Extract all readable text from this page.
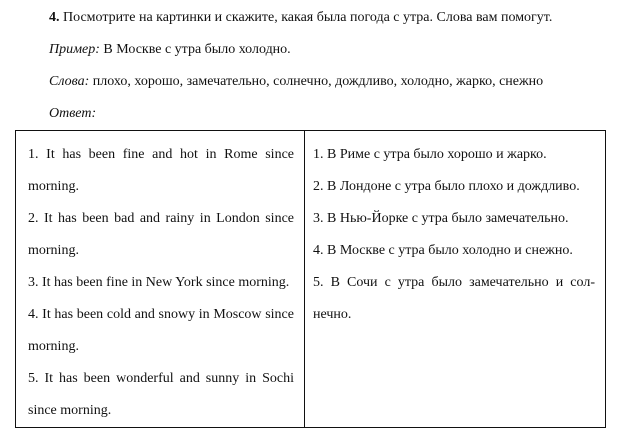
4. Посмотрите на картинки и скажите, какая была погода с утра. Слова вам помогут.
Пример: В Москве с утра было холодно.
Слова: плохо, хорошо, замечательно, солнечно, дождливо, холодно, жарко, снежно
Ответ:
1. It has been fine and hot in Rome since morning.
2. It has been bad and rainy in London since morning.
3. It has been fine in New York since morning.
4. It has been cold and snowy in Moscow since morning.
5. It has been wonderful and sunny in Sochi since morning.

1. В Риме с утра было хорошо и жарко.
2. В Лондоне с утра было плохо и дождливо.
3. В Нью-Йорке с утра было замечательно.
4. В Москве с утра было холодно и снежно.
5. В Сочи с утра было замечательно и солнечно.
